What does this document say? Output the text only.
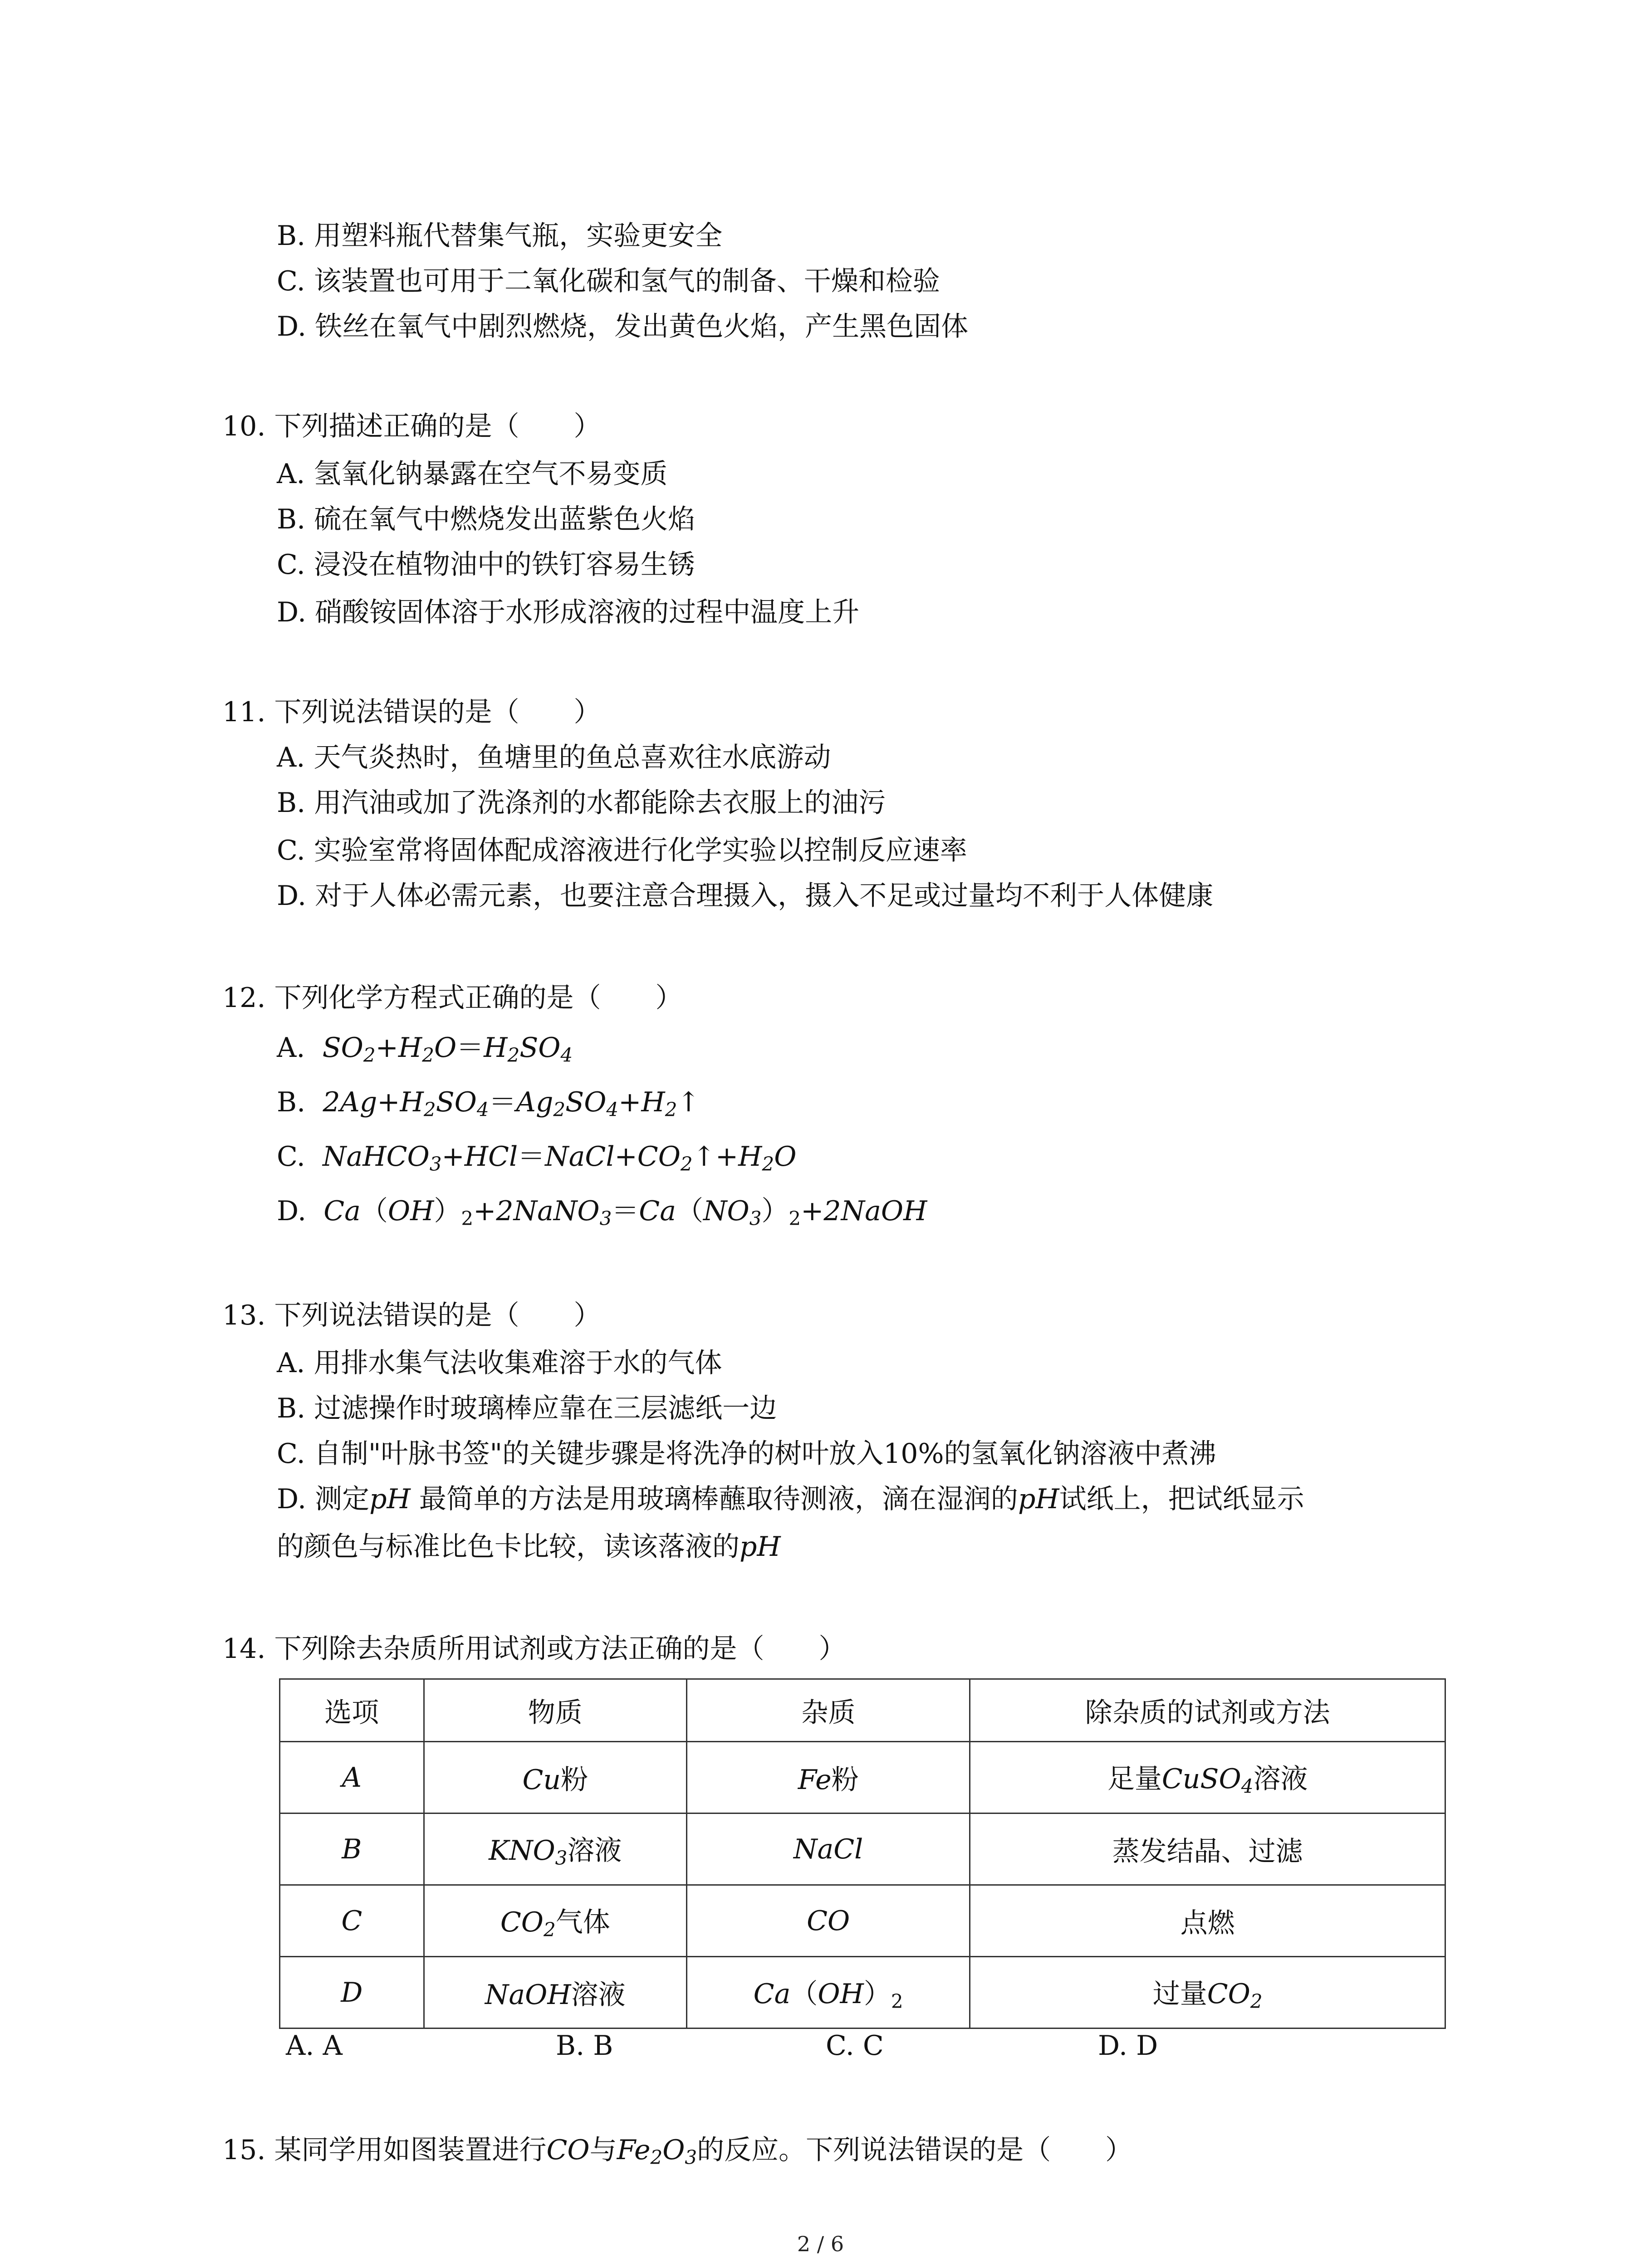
B. 用塑料瓶代替集气瓶，实验更安全
C. 该装置也可用于二氧化碳和氢气的制备、干燥和检验
D. 铁丝在氧气中剧烈燃烧，发出黄色火焰，产生黑色固体
10. 下列描述正确的是（　　）
A. 氢氧化钠暴露在空气不易变质
B. 硫在氧气中燃烧发出蓝紫色火焰
C. 浸没在植物油中的铁钉容易生锈
D. 硝酸铵固体溶于水形成溶液的过程中温度上升
11. 下列说法错误的是（　　）
A. 天气炎热时，鱼塘里的鱼总喜欢往水底游动
B. 用汽油或加了洗涤剂的水都能除去衣服上的油污
C. 实验室常将固体配成溶液进行化学实验以控制反应速率
D. 对于人体必需元素，也要注意合理摄入，摄入不足或过量均不利于人体健康
12. 下列化学方程式正确的是（　　）
A. $SO_2+H_2O=H_2SO_4$
B. $2Ag+H_2SO_4=Ag_2SO_4+H_2↑$
C. $NaHCO_3+HCl=NaCl+CO_2↑+H_2O$
D. $Ca(OH)_2+2NaNO_3=Ca(NO_3)_2+2NaOH$
13. 下列说法错误的是（　　）
A. 用排水集气法收集难溶于水的气体
B. 过滤操作时玻璃棒应靠在三层滤纸一边
C. 自制"叶脉书签"的关键步骤是将洗净的树叶放入10%的氢氧化钠溶液中煮沸
D. 测定pH 最简单的方法是用玻璃棒蘸取待测液，滴在湿润的pH试纸上，把试纸显示
的颜色与标准比色卡比较，读该落液的pH
14. 下列除去杂质所用试剂或方法正确的是（　　）
选项	物质	杂质	除杂质的试剂或方法
A	Cu粉	Fe粉	足量CuSO$_4$溶液
B	$KNO_3$溶液	NaCl	蒸发结晶、过滤
C	$CO_2$气体	CO	点燃
D	NaOH溶液	$Ca(OH)_2$	过量$CO_2$
A. A	B. B	C. C	D. D
15. 某同学用如图装置进行CO与$Fe_2O_3$的反应。下列说法错误的是（　　）
2 / 6
